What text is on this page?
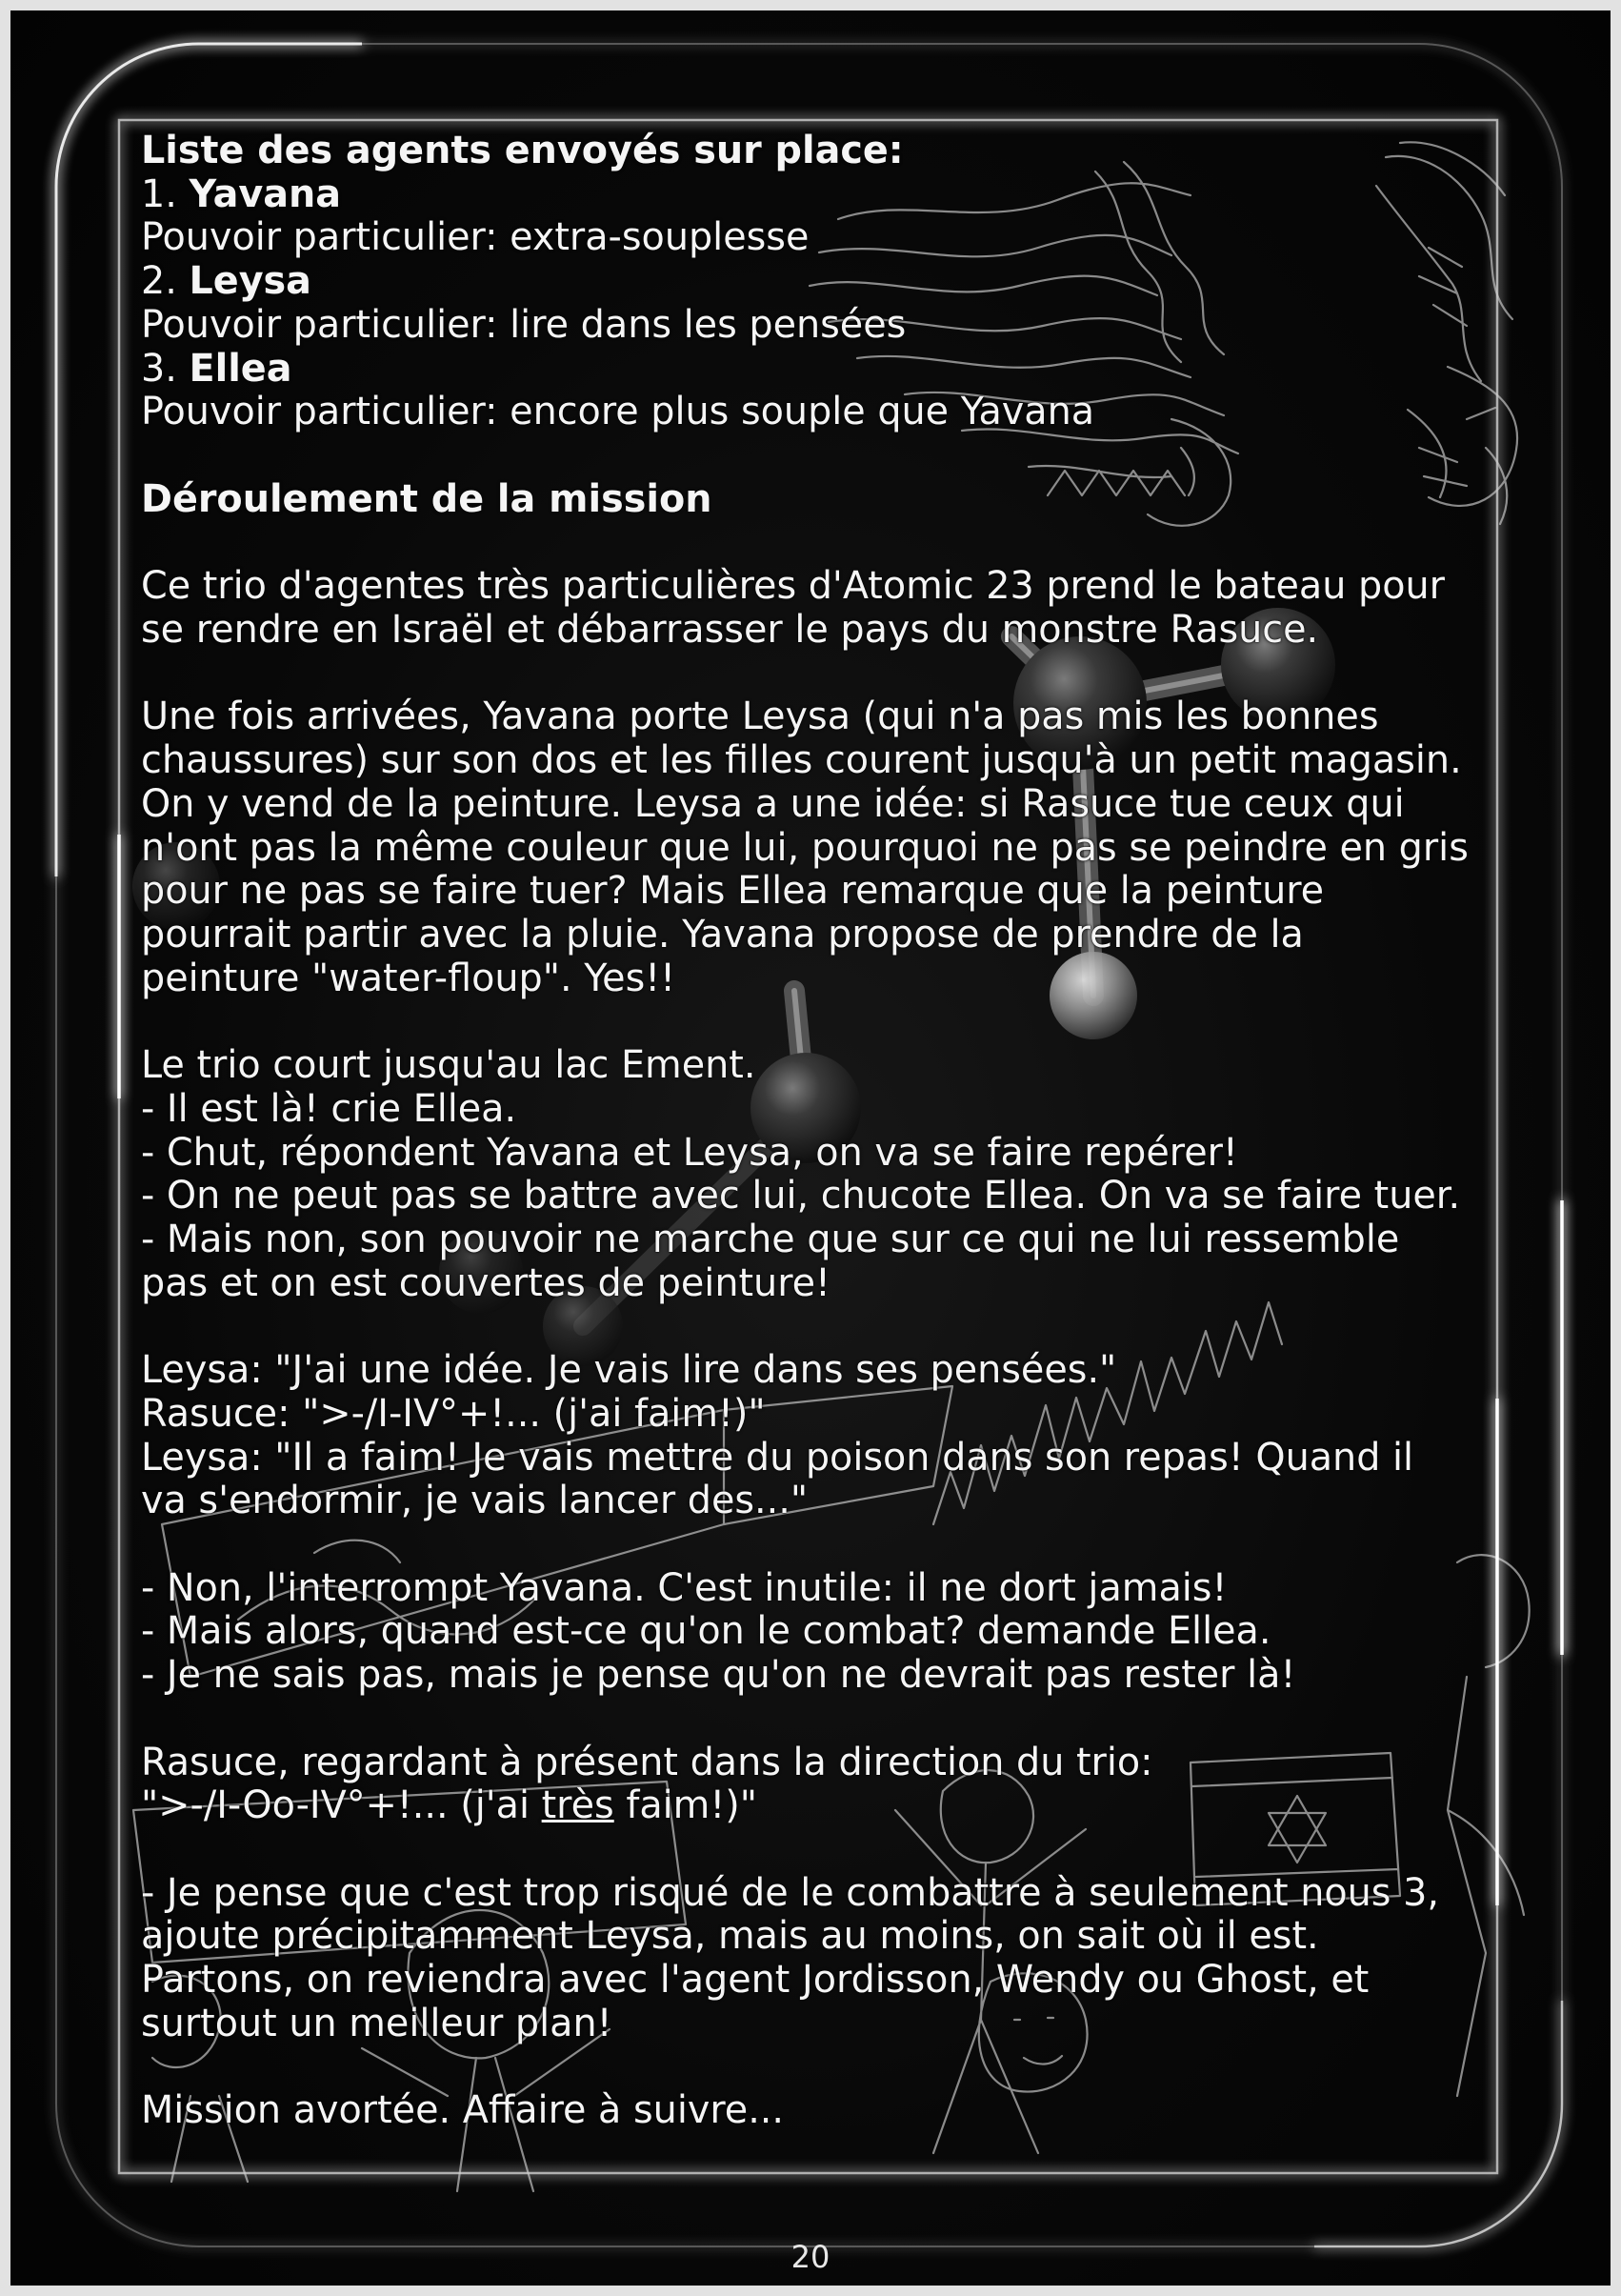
Liste des agents envoyés sur place:
1. Yavana
Pouvoir particulier: extra-souplesse
2. Leysa
Pouvoir particulier: lire dans les pensées
3. Ellea
Pouvoir particulier: encore plus souple que Yavana
Déroulement de la mission
Ce trio d'agentes très particulières d'Atomic 23 prend le bateau pour
se rendre en Israël et débarrasser le pays du monstre Rasuce.
Une fois arrivées, Yavana porte Leysa (qui n'a pas mis les bonnes
chaussures) sur son dos et les filles courent jusqu'à un petit magasin.
On y vend de la peinture. Leysa a une idée: si Rasuce tue ceux qui
n'ont pas la même couleur que lui, pourquoi ne pas se peindre en gris
pour ne pas se faire tuer? Mais Ellea remarque que la peinture
pourrait partir avec la pluie. Yavana propose de prendre de la
peinture "water-floup". Yes!!
Le trio court jusqu'au lac Ement.
- Il est là! crie Ellea.
- Chut, répondent Yavana et Leysa, on va se faire repérer!
- On ne peut pas se battre avec lui, chucote Ellea. On va se faire tuer.
- Mais non, son pouvoir ne marche que sur ce qui ne lui ressemble
pas et on est couvertes de peinture!
Leysa: "J'ai une idée. Je vais lire dans ses pensées."
Rasuce: ">-/I-IV°+!... (j'ai faim!)"
Leysa: "Il a faim! Je vais mettre du poison dans son repas! Quand il
va s'endormir, je vais lancer des..."
- Non, l'interrompt Yavana. C'est inutile: il ne dort jamais!
- Mais alors, quand est-ce qu'on le combat? demande Ellea.
- Je ne sais pas, mais je pense qu'on ne devrait pas rester là!
Rasuce, regardant à présent dans la direction du trio:
">-/I-Oo-IV°+!... (j'ai très faim!)"
- Je pense que c'est trop risqué de le combattre à seulement nous 3,
ajoute précipitamment Leysa, mais au moins, on sait où il est.
Partons, on reviendra avec l'agent Jordisson, Wendy ou Ghost, et
surtout un meilleur plan!
Mission avortée. Affaire à suivre...
20
